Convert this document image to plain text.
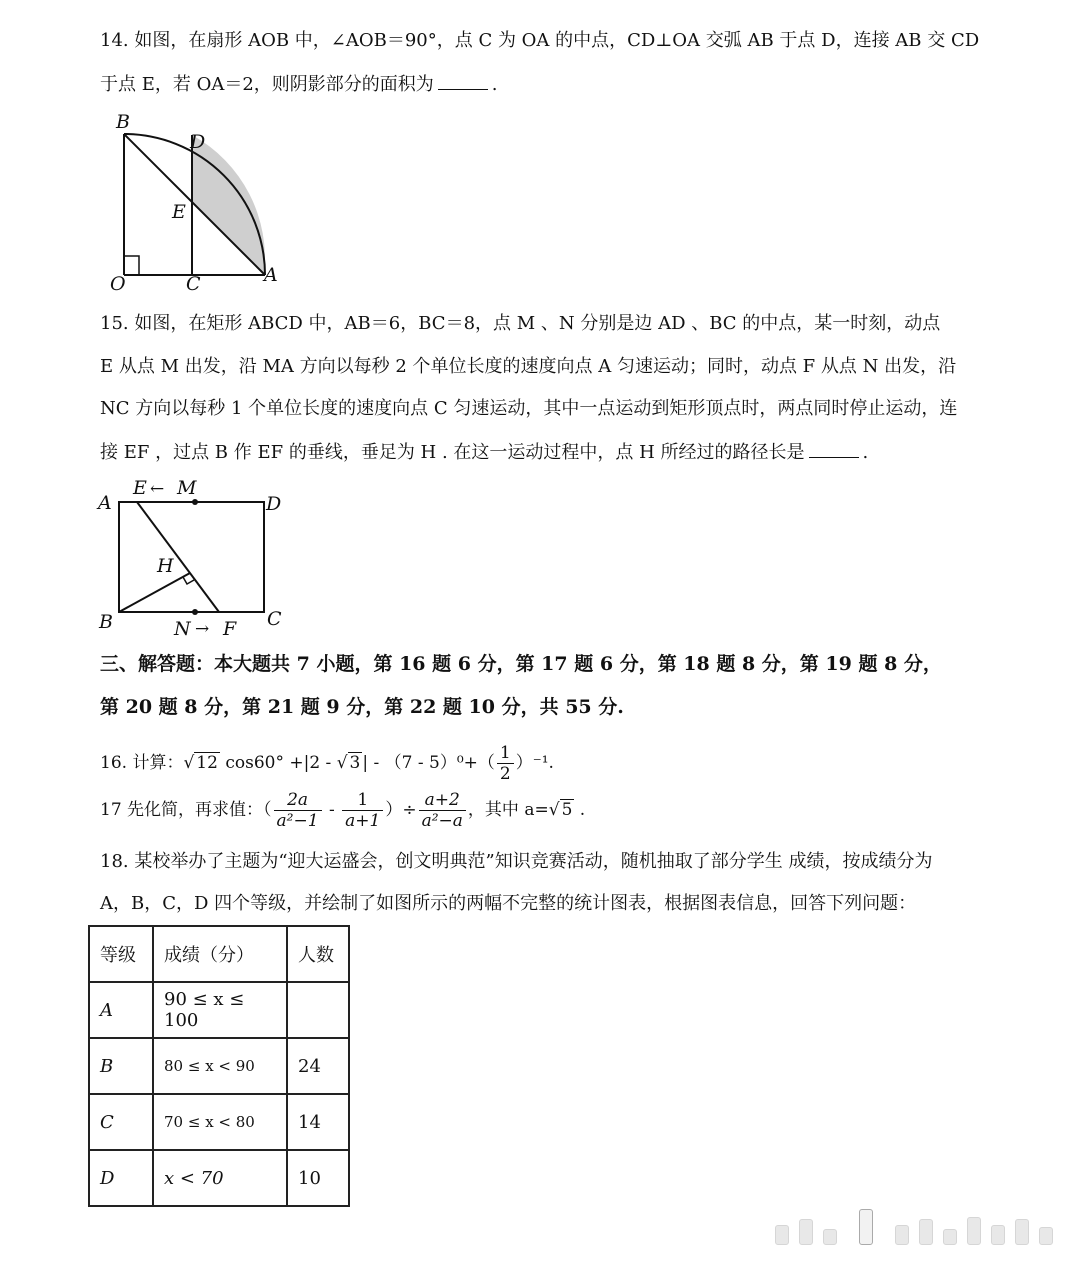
14. 如图，在扇形 AOB 中，∠AOB＝90°，点 C 为 OA 的中点，CD⊥OA 交弧 AB 于点 D，连接 AB 交 CD
于点 E，若 OA＝2，则阴影部分的面积为	.
B
D
E
O	C	A
15. 如图，在矩形 ABCD 中，AB＝6，BC＝8，点 M 、N 分别是边 AD 、BC 的中点，某一时刻，动点
E 从点 M 出发，沿 MA 方向以每秒 2 个单位长度的速度向点 A 匀速运动；同时，动点 F 从点 N 出发，沿
NC 方向以每秒 1 个单位长度的速度向点 C 匀速运动，其中一点运动到矩形顶点时，两点同时停止运动，连
接 EF ，过点 B 作 EF 的垂线，垂足为 H . 在这一运动过程中，点 H 所经过的路径长是	.
A
E ← M
D
H
B	N → F C
三、解答题：本大题共 7 小题，第 16 题 6 分，第 17 题 6 分，第 18 题 8 分，第 19 题 8 分，
第 20 题 8 分，第 21 题 9 分，第 22 题 10 分，共 55 分.
16. 计算：√ 12 cos60° +|2 - √ 3 | - $(7 - 5)^0+( \frac{1}{2} )^{-1}$.
17 先化简，再求值：（ $\frac{2a}{\text{a²−1}} - \frac{1}{a+1}$ ）÷ $\frac{a+2}{\text{a²−a}}$ ，其中 a=√ 5 .
18. 某校举办了主题为“迎大运盛会，创文明典范”知识竞赛活动，随机抽取了部分学生 成绩，按成绩分为
A，B，C，D 四个等级，并绘制了如图所示的两幅不完整的统计图表，根据图表信息，回答下列问题：
等级	成绩（分）	人数
A	90 ≤ x ≤ 100	
B	80 ≤ x < 90	24
C	70 ≤ x < 80	14
D	x < 70	10
